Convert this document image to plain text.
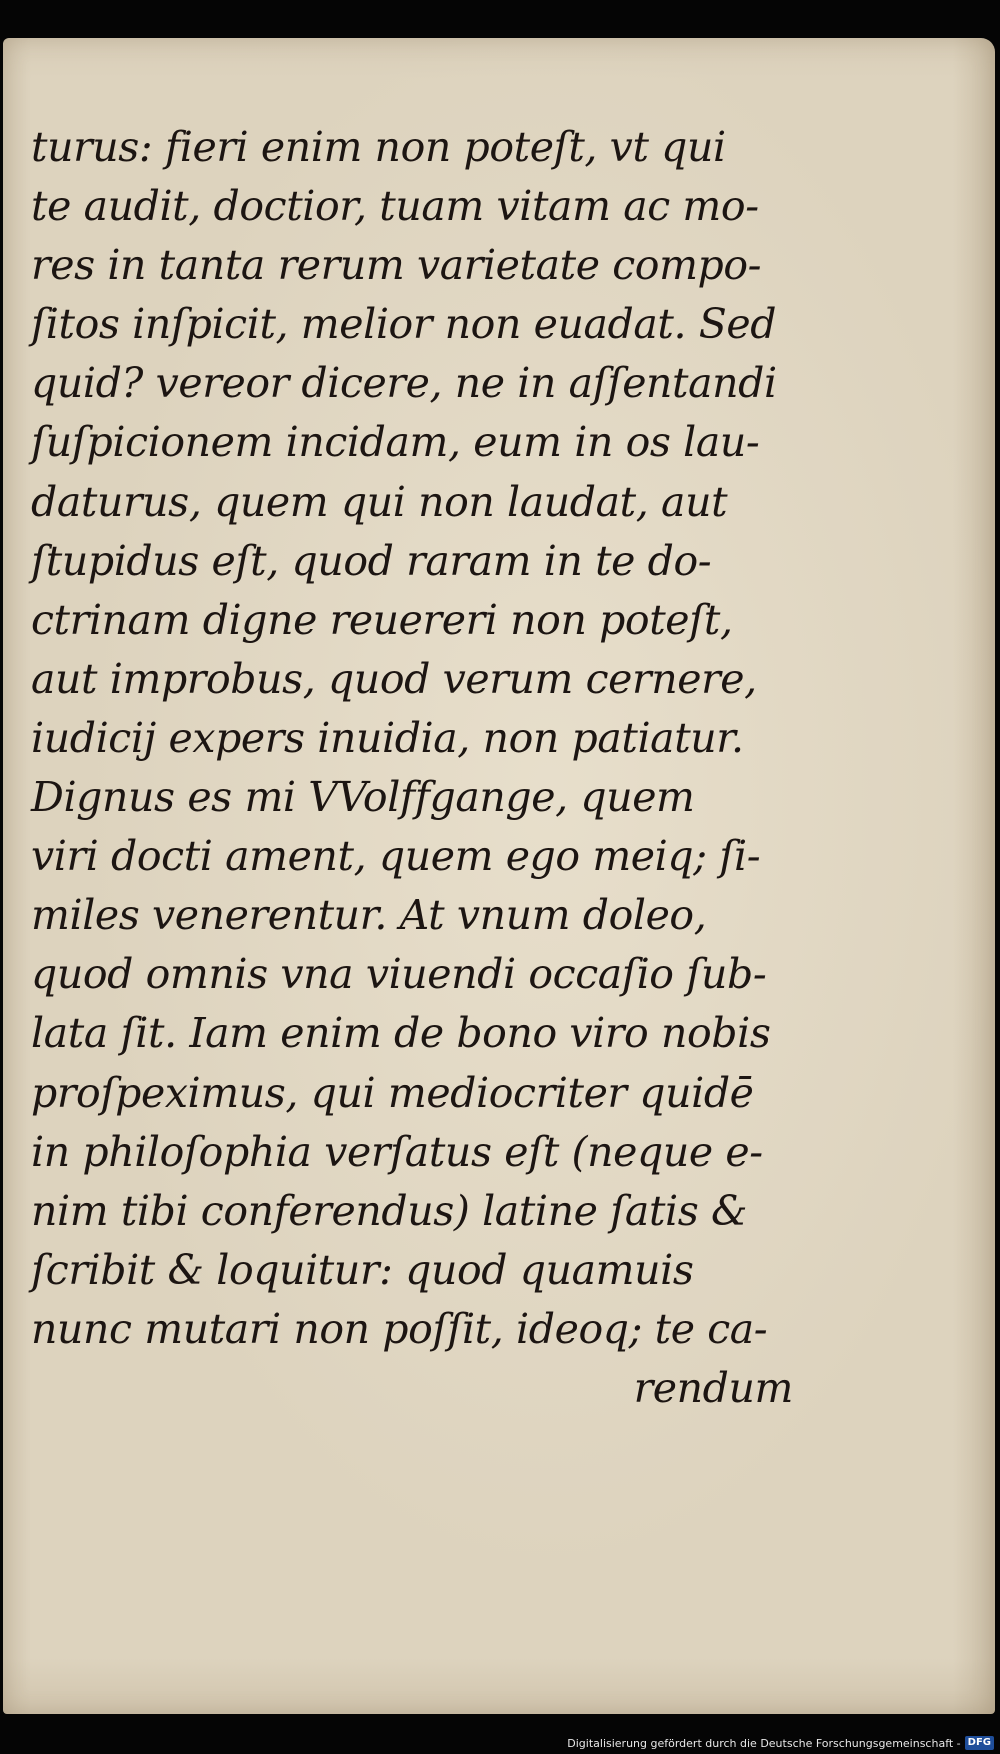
turus: fieri enim non poteſt, vt qui
te audit, doctior, tuam vitam ac mo-
res in tanta rerum varietate compo-
ſitos inſpicit, melior non euadat. Sed
quid? vereor dicere, ne in aſſentandi
ſuſpicionem incidam, eum in os lau-
daturus, quem qui non laudat, aut
ſtupidus eſt, quod raram in te do-
ctrinam digne reuereri non poteſt,
aut improbus, quod verum cernere,
iudicij expers inuidia, non patiatur.
Dignus es mi VVolffgange, quem
viri docti ament, quem ego meiq; ſi-
miles venerentur. At vnum doleo,
quod omnis vna viuendi occaſio ſub-
lata ſit. Iam enim de bono viro nobis
proſpeximus, qui mediocriter quidē
in philoſophia verſatus eſt (neque e-
nim tibi conferendus) latine ſatis &
ſcribit & loquitur: quod quamuis
nunc mutari non poſſit, ideoq; te ca-
rendum
Digitalisierung gefördert durch die Deutsche Forschungsgemeinschaft - DFG
